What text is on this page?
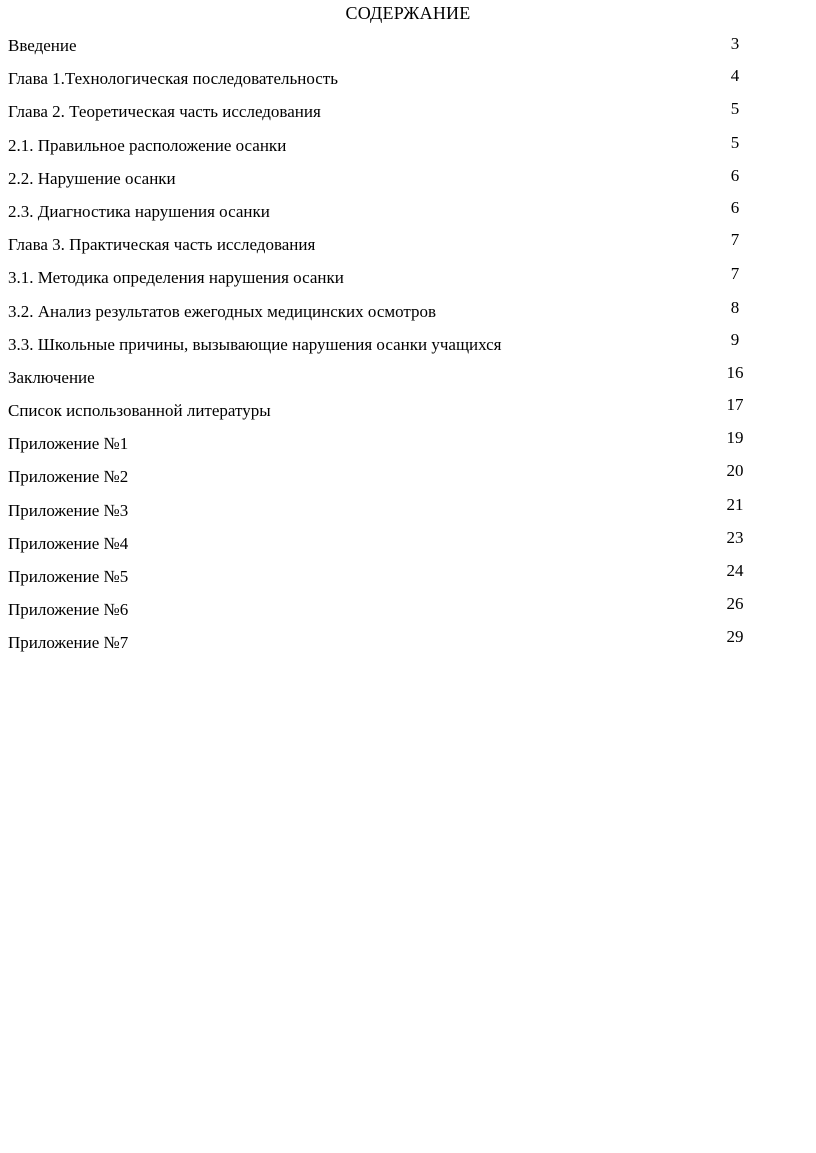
СОДЕРЖАНИЕ
Введение	3
Глава 1.Технологическая последовательность	4
Глава 2. Теоретическая часть исследования	5
2.1. Правильное расположение осанки	5
2.2. Нарушение осанки	6
2.3. Диагностика нарушения осанки	6
Глава 3. Практическая часть исследования	7
3.1. Методика определения нарушения осанки	7
3.2. Анализ результатов ежегодных медицинских осмотров	8
3.3. Школьные причины, вызывающие нарушения осанки учащихся	9
Заключение	16
Список использованной литературы	17
Приложение №1	19
Приложение №2	20
Приложение №3	21
Приложение №4	23
Приложение №5	24
Приложение №6	26
Приложение №7	29
